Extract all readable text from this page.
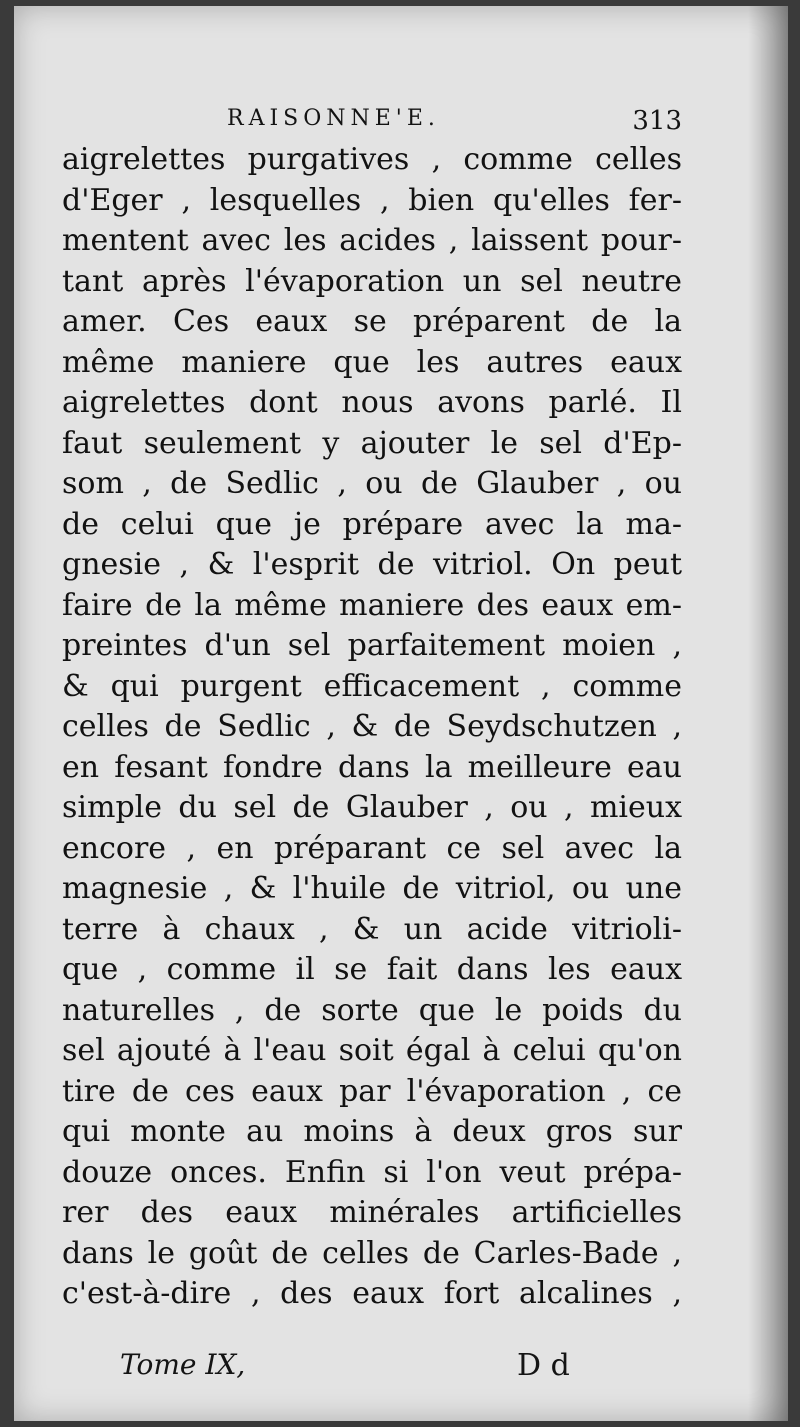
RAISONNE'E.	313
aigrelettes purgatives , comme celles
d'Eger , lesquelles , bien qu'elles fer-
mentent avec les acides , laissent pour-
tant après l'évaporation un sel neutre
amer. Ces eaux se préparent de la
même maniere que les autres eaux
aigrelettes dont nous avons parlé. Il
faut seulement y ajouter le sel d'Ep-
som , de Sedlic , ou de Glauber , ou
de celui que je prépare avec la ma-
gnesie , & l'esprit de vitriol. On peut
faire de la même maniere des eaux em-
preintes d'un sel parfaitement moien ,
& qui purgent efficacement , comme
celles de Sedlic , & de Seydschutzen ,
en fesant fondre dans la meilleure eau
simple du sel de Glauber , ou , mieux
encore , en préparant ce sel avec la
magnesie , & l'huile de vitriol, ou une
terre à chaux , & un acide vitrioli-
que , comme il se fait dans les eaux
naturelles , de sorte que le poids du
sel ajouté à l'eau soit égal à celui qu'on
tire de ces eaux par l'évaporation , ce
qui monte au moins à deux gros sur
douze onces. Enfin si l'on veut prépa-
rer des eaux minérales artificielles
dans le goût de celles de Carles-Bade ,
c'est-à-dire , des eaux fort alcalines ,
Tome IX,	D d
